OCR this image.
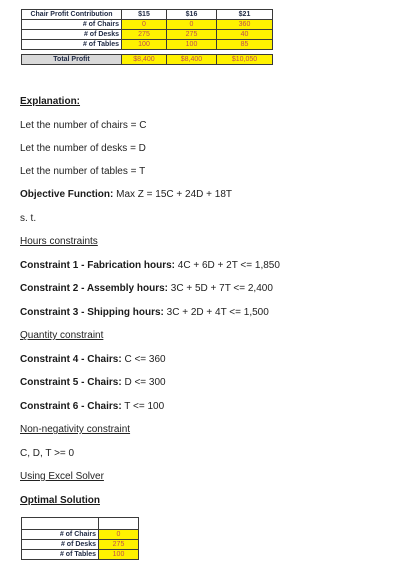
Chair Profit Contribution	$15	$16	$21
# of Chairs	0	0	360
# of Desks	275	275	40
# of Tables	100	100	85

Total Profit	$8,400	$8,400	$10,050
Explanation:
Let the number of chairs = C
Let the number of desks = D
Let the number of tables = T
Objective Function: Max Z = 15C + 24D + 18T
s. t.
Hours constraints
Constraint 1 - Fabrication hours: 4C + 6D + 2T <= 1,850
Constraint 2 - Assembly hours: 3C + 5D + 7T <= 2,400
Constraint 3 - Shipping hours: 3C + 2D + 4T <= 1,500
Quantity constraint
Constraint 4 - Chairs: C <= 360
Constraint 5 - Chairs: D <= 300
Constraint 6 - Chairs: T <= 100
Non-negativity constraint
C, D, T >= 0
Using Excel Solver
Optimal Solution

# of Chairs	0
# of Desks	275
# of Tables	100
